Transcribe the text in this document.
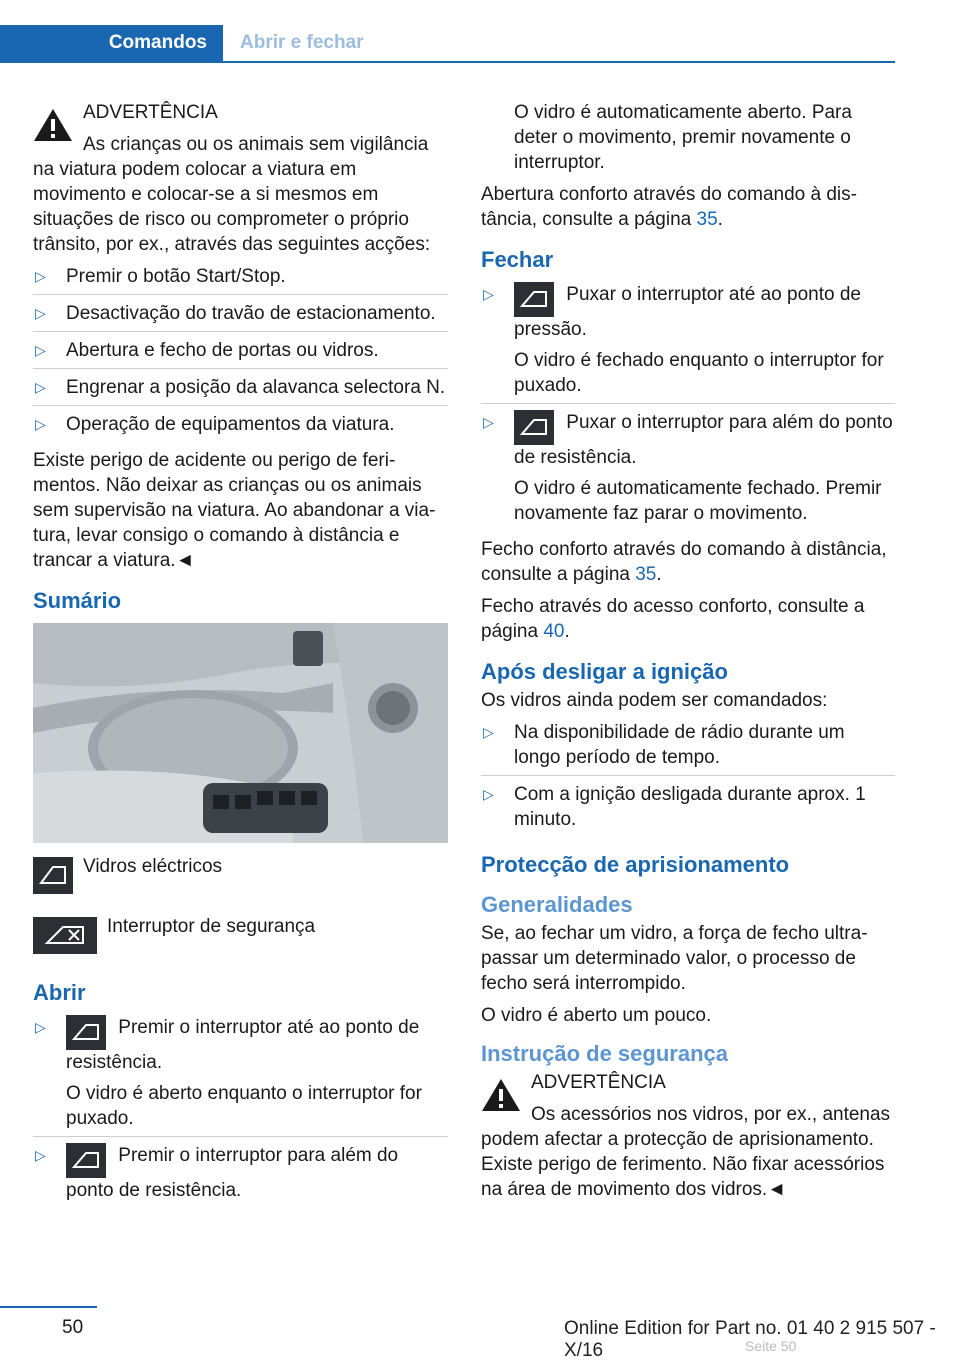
Comandos	Abrir e fechar

ADVERTÊNCIA

As crianças ou os animais sem vigilância na viatura podem colocar a viatura em movimento e colocar-se a si mesmos em situações de risco ou comprometer o próprio trânsito, por ex., através das seguintes acções:

▷ Premir o botão Start/Stop.
▷ Desactivação do travão de estacionamento.
▷ Abertura e fecho de portas ou vidros.
▷ Engrenar a posição da alavanca selectora N.
▷ Operação de equipamentos da viatura.

Existe perigo de acidente ou perigo de ferimentos. Não deixar as crianças ou os animais sem supervisão na viatura. Ao abandonar a viatura, levar consigo o comando à distância e trancar a viatura.◄

Sumário
Vidros eléctricos
Interruptor de segurança
Abrir
▷	Premir o interruptor até ao ponto de resistência.
O vidro é aberto enquanto o interruptor for puxado.
▷	Premir o interruptor para além do ponto de resistência.

O vidro é automaticamente aberto. Para deter o movimento, premir novamente o interruptor.

Abertura conforto através do comando à distância, consulte a página 35.

Fechar
▷	Puxar o interruptor até ao ponto de pressão.
O vidro é fechado enquanto o interruptor for puxado.
▷	Puxar o interruptor para além do ponto de resistência.
O vidro é automaticamente fechado. Premir novamente faz parar o movimento.

Fecho conforto através do comando à distância, consulte a página 35.

Fecho através do acesso conforto, consulte a página 40.

Após desligar a ignição

Os vidros ainda podem ser comandados:

▷ Na disponibilidade de rádio durante um longo período de tempo.
▷ Com a ignição desligada durante aprox. 1 minuto.
Protecção de aprisionamento
Generalidades

Se, ao fechar um vidro, a força de fecho ultrapassar um determinado valor, o processo de fecho será interrompido.

O vidro é aberto um pouco.

Instrução de segurança

ADVERTÊNCIA

Os acessórios nos vidros, por ex., antenas podem afectar a protecção de aprisionamento. Existe perigo de ferimento. Não fixar acessórios na área de movimento dos vidros.◄

50	Online Edition for Part no. 01 40 2 915 507 - X/16	Seite 50
